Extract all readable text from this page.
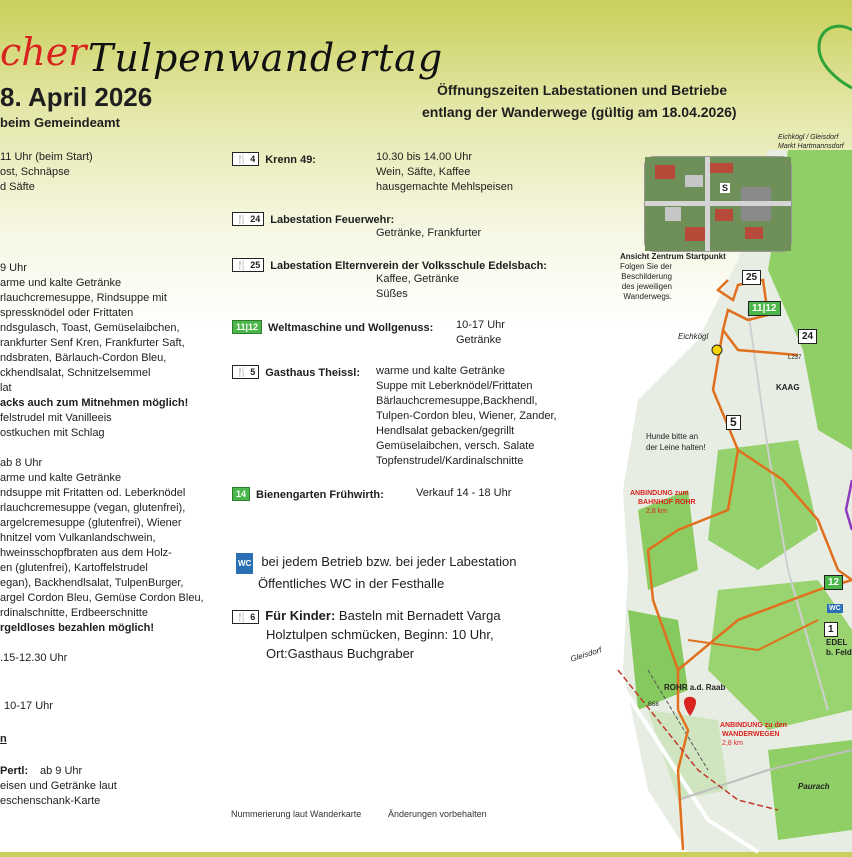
cher Tulpenwandertag
8. April 2026
beim Gemeindeamt
Öffnungszeiten Labestationen und Betriebe
entlang der Wanderwege (gültig am 18.04.2026)
11 Uhr (beim Start)
ost, Schnäpse
d Säfte
9 Uhr
arme und kalte Getränke
rlauchcremesuppe, Rindsuppe mit
spressknödel oder Frittaten
ndsgulasch, Toast, Gemüselaibchen,
rankfurter Senf Kren, Frankfurter Saft,
ndsbraten, Bärlauch-Cordon Bleu,
ckhendlsalat, Schnitzelsemmel
lat
acks auch zum Mitnehmen möglich!
felstrudel mit Vanilleeis
ostkuchen mit Schlag
ab 8 Uhr
arme und kalte Getränke
ndsuppe mit Fritatten od. Leberknödel
rlauchcremesuppe (vegan, glutenfrei),
argelcremesuppe (glutenfrei), Wiener
hnitzel vom Vulkanlandschwein,
hweinsschopfbraten aus dem Holz-
en (glutenfrei), Kartoffelstrudel
egan), Backhendlsalat, TulpenBurger,
argel Cordon Bleu, Gemüse Cordon Bleu,
rdinalschnitte, Erdbeerschnitte
rgeldloses bezahlen möglich!
.15-12.30 Uhr
10-17 Uhr
n
Pertl: ab 9 Uhr
eisen und Getränke laut
eschenschank-Karte
🍴 4 Krenn 49:	10.30 bis 14.00 Uhr
Wein, Säfte, Kaffee
hausgemachte Mehlspeisen
🍴 24 Labestation Feuerwehr:
Getränke, Frankfurter
🍴 25 Labestation Elternverein der Volksschule Edelsbach:
Kaffee, Getränke
Süßes
11|12 Weltmaschine und Wollgenuss: 10-17 Uhr
Getränke
🍴 5 Gasthaus Theissl: warme und kalte Getränke
Suppe mit Leberknödel/Frittaten
Bärlauchcremesuppe,Backhendl,
Tulpen-Cordon bleu, Wiener, Zander,
Hendlsalat gebacken/gegrillt
Gemüselaibchen, versch. Salate
Topfenstrudel/Kardinalschnitte
14 Bienengarten Frühwirth:	Verkauf 14 - 18 Uhr
WC bei jedem Betrieb bzw. bei jeder Labestation
Öffentliches WC in der Festhalle
🍴 6 Für Kinder: Basteln mit Bernadett Varga
Holztulpen schmücken, Beginn: 10 Uhr,
Ort:Gasthaus Buchgraber
Nummerierung laut Wanderkarte	Änderungen vorbehalten
S
Ansicht Zentrum Startpunkt
Folgen Sie der
Beschilderung
des jeweiligen
Wanderwegs.
Eichkögl / Gleisdorf
Markt Hartmannsdorf
25
11|12
24
5
12
1
WC
Eichkögl
KAAG
L237
Hunde bitte an
der Leine halten!
ANBINDUNG zum
BAHNHOF ROHR
2,8 km
EDEL
b. Feld
Gleisdorf
ROHR a.d. Raab
B68
ANBINDUNG zu den
WANDERWEGEN
2,8 km
Paurach
